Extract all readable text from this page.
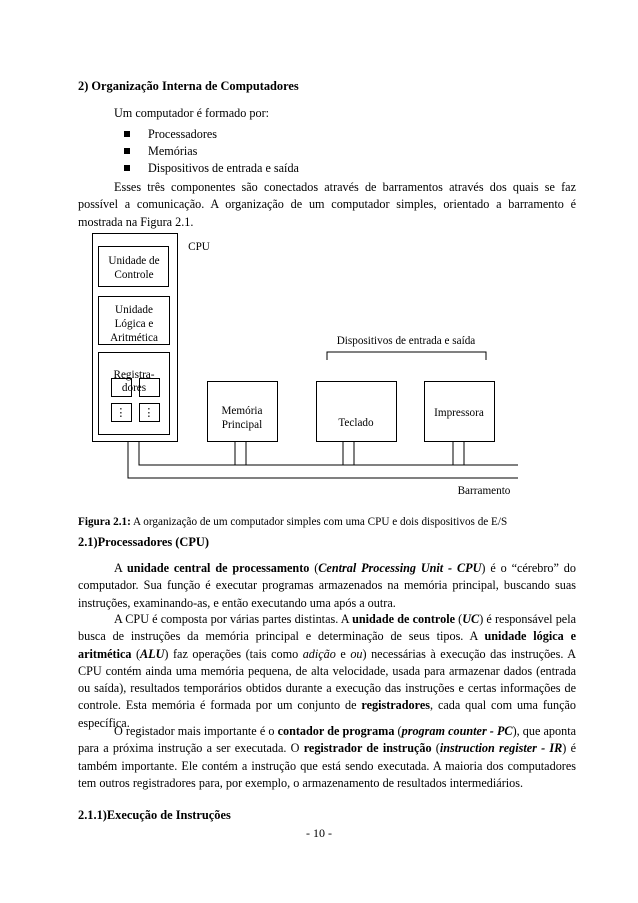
2) Organização Interna de Computadores

Um computador é formado por:

Processadores
Memórias
Dispositivos de entrada e saída

Esses três componentes são conectados através de barramentos através dos quais se faz possível a comunicação. A organização de um computador simples, orientado a barramento é mostrada na Figura 2.1.

CPU
Unidade de
Controle
Unidade
Lógica e
Aritmética
Registra-
dores
⋮ ⋮
Dispositivos de entrada e saída
Memória
Principal	Teclado
Impressora
Barramento

Figura 2.1: A organização de um computador simples com uma CPU e dois dispositivos de E/S

2.1)Processadores (CPU)

A unidade central de processamento (Central Processing Unit - CPU) é o “cérebro” do computador. Sua função é executar programas armazenados na memória principal, buscando suas instruções, examinando-as, e então executando uma após a outra.

A CPU é composta por várias partes distintas. A unidade de controle (UC) é responsável pela busca de instruções da memória principal e determinação de seus tipos. A unidade lógica e aritmética (ALU) faz operações (tais como adição e ou) necessárias à execução das instruções. A CPU contém ainda uma memória pequena, de alta velocidade, usada para armazenar dados (entrada ou saída), resultados temporários obtidos durante a execução das instruções e certas informações de controle. Esta memória é formada por um conjunto de registradores, cada qual com uma função específica.

O registador mais importante é o contador de programa (program counter - PC), que aponta para a próxima instrução a ser executada. O registrador de instrução (instruction register - IR) é também importante. Ele contém a instrução que está sendo executada. A maioria dos computadores tem outros registradores para, por exemplo, o armazenamento de resultados intermediários.

2.1.1)Execução de Instruções

- 10 -
